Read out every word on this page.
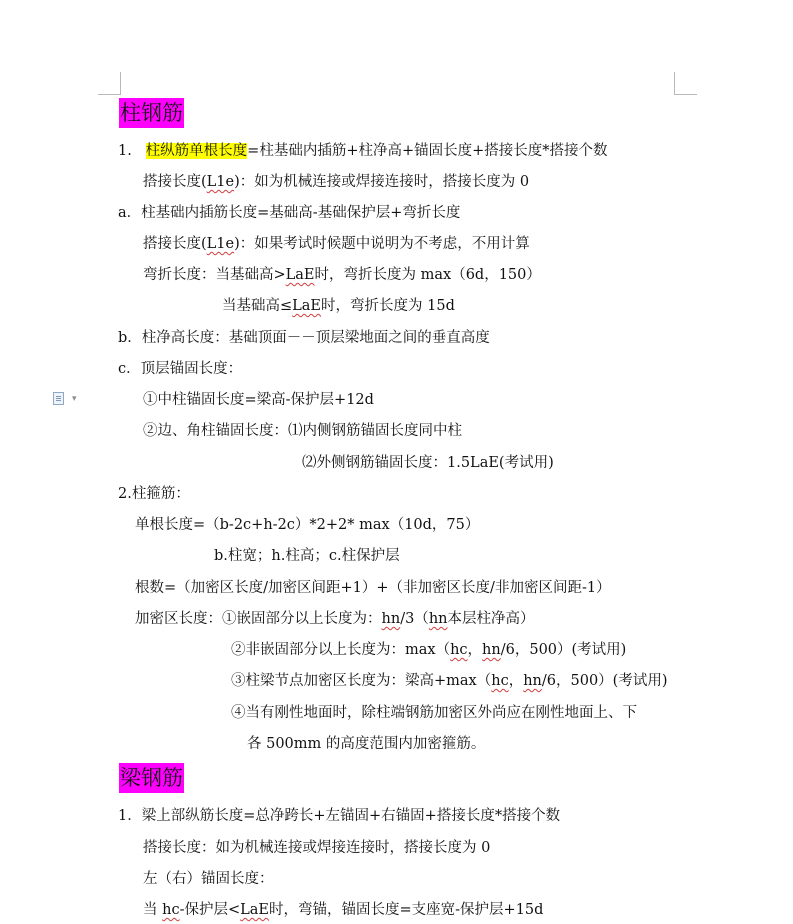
▾
柱钢筋
1. 柱纵筋单根长度=柱基础内插筋+柱净高+锚固长度+搭接长度*搭接个数
搭接长度(L1e)：如为机械连接或焊接连接时，搭接长度为 0
a．柱基础内插筋长度=基础高-基础保护层+弯折长度
搭接长度(L1e)：如果考试时候题中说明为不考虑，不用计算
弯折长度：当基础高>LaE时，弯折长度为 max（6d，150）
当基础高≤LaE时，弯折长度为 15d
b．柱净高长度：基础顶面－－顶层梁地面之间的垂直高度
c．顶层锚固长度：
①中柱锚固长度=梁高-保护层+12d
②边、角柱锚固长度：⑴内侧钢筋锚固长度同中柱
⑵外侧钢筋锚固长度：1.5LaE(考试用)
2.柱箍筋：
单根长度=（b-2c+h-2c）*2+2* max（10d，75）
b.柱宽；h.柱高；c.柱保护层
根数=（加密区长度/加密区间距+1）+（非加密区长度/非加密区间距-1）
加密区长度：①嵌固部分以上长度为：hn/3（hn本层柱净高）
②非嵌固部分以上长度为：max（hc，hn/6，500）(考试用)
③柱梁节点加密区长度为：梁高+max（hc，hn/6，500）(考试用)
④当有刚性地面时，除柱端钢筋加密区外尚应在刚性地面上、下
各 500mm 的高度范围内加密箍筋。
梁钢筋
1．梁上部纵筋长度=总净跨长+左锚固+右锚固+搭接长度*搭接个数
搭接长度：如为机械连接或焊接连接时，搭接长度为 0
左（右）锚固长度：
当 hc-保护层<LaE时，弯锚，锚固长度=支座宽-保护层+15d
